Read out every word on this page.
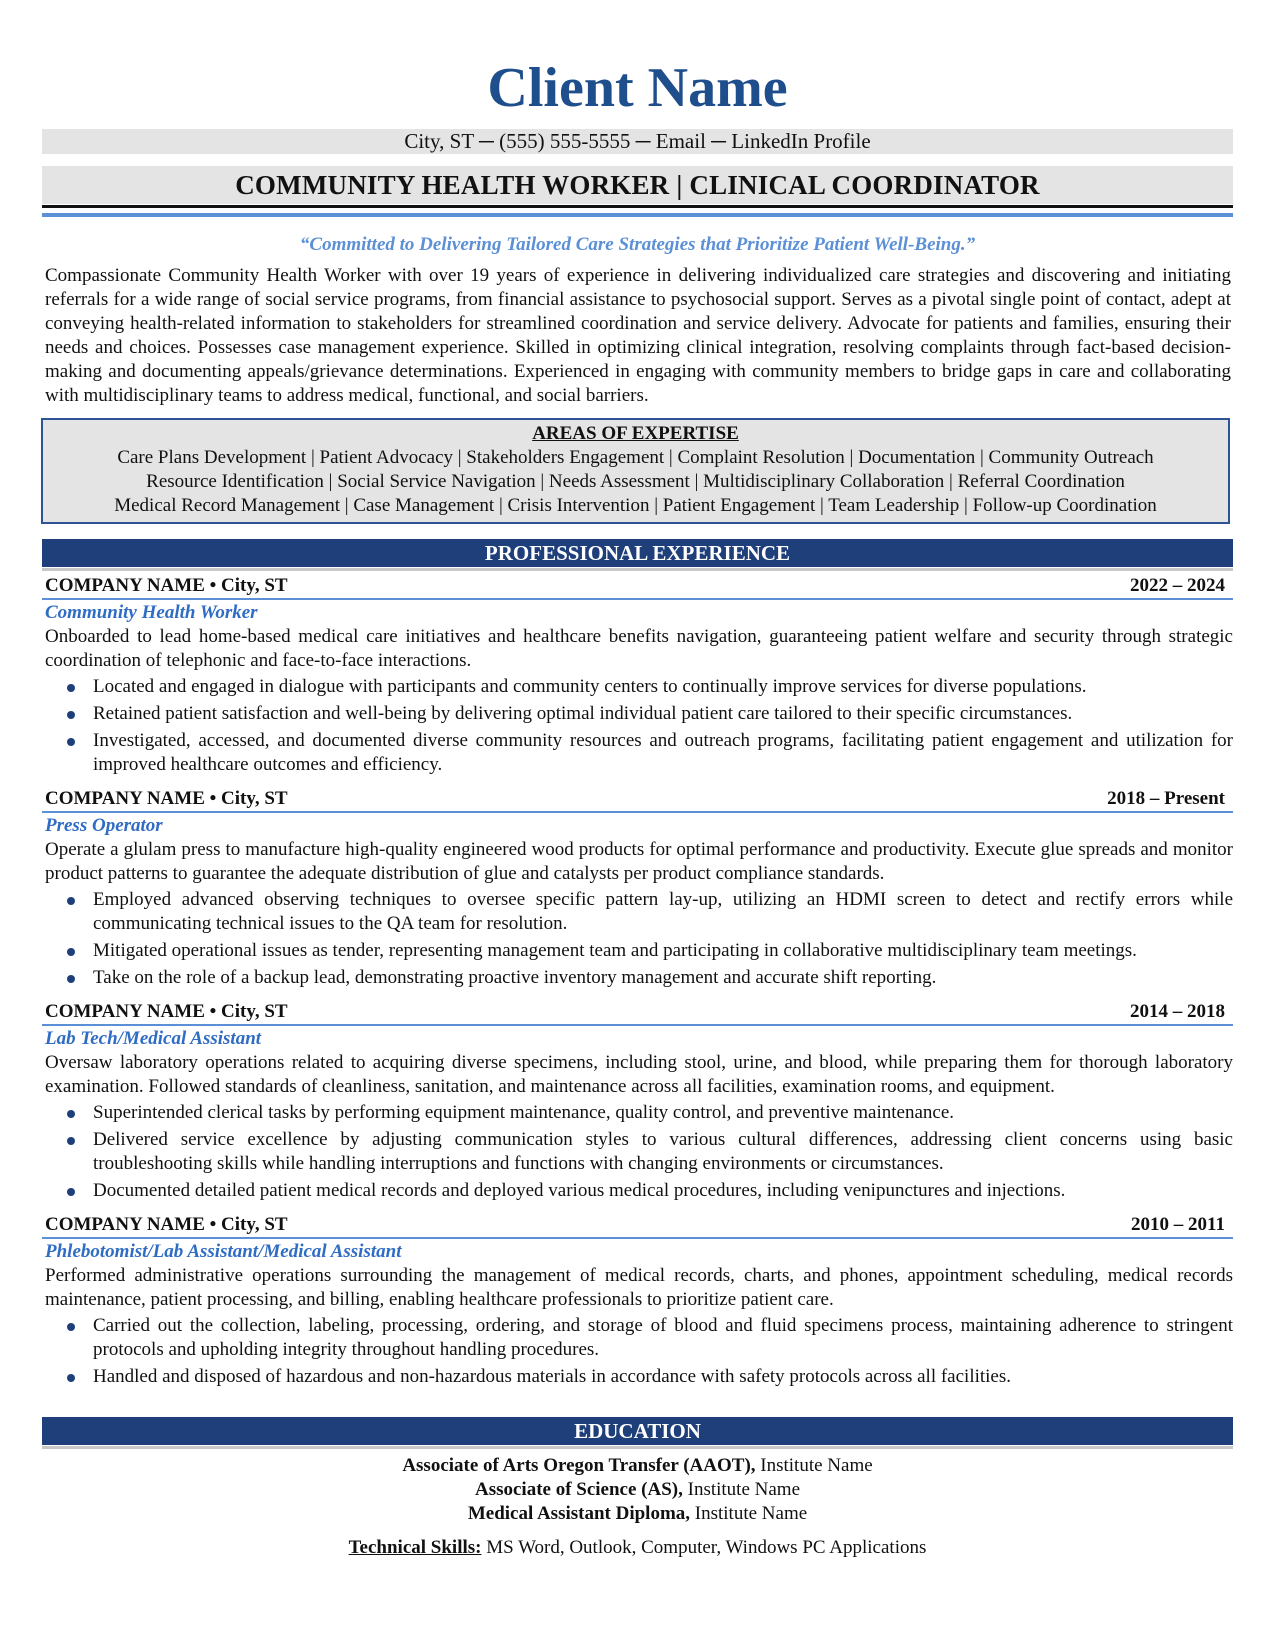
Client Name
City, ST ─ (555) 555-5555 ─ Email ─ LinkedIn Profile
COMMUNITY HEALTH WORKER | CLINICAL COORDINATOR
“Committed to Delivering Tailored Care Strategies that Prioritize Patient Well-Being.”
Compassionate Community Health Worker with over 19 years of experience in delivering individualized care strategies and discovering and initiating referrals for a wide range of social service programs, from financial assistance to psychosocial support. Serves as a pivotal single point of contact, adept at conveying health-related information to stakeholders for streamlined coordination and service delivery. Advocate for patients and families, ensuring their needs and choices. Possesses case management experience. Skilled in optimizing clinical integration, resolving complaints through fact-based decision-making and documenting appeals/grievance determinations. Experienced in engaging with community members to bridge gaps in care and collaborating with multidisciplinary teams to address medical, functional, and social barriers.
AREAS OF EXPERTISE
Care Plans Development | Patient Advocacy | Stakeholders Engagement | Complaint Resolution | Documentation | Community Outreach
Resource Identification | Social Service Navigation | Needs Assessment | Multidisciplinary Collaboration | Referral Coordination
Medical Record Management | Case Management | Crisis Intervention | Patient Engagement | Team Leadership | Follow-up Coordination
PROFESSIONAL EXPERIENCE
COMPANY NAME • City, ST	2022 – 2024
Community Health Worker
Onboarded to lead home-based medical care initiatives and healthcare benefits navigation, guaranteeing patient welfare and security through strategic coordination of telephonic and face-to-face interactions.
Located and engaged in dialogue with participants and community centers to continually improve services for diverse populations.
Retained patient satisfaction and well-being by delivering optimal individual patient care tailored to their specific circumstances.
Investigated, accessed, and documented diverse community resources and outreach programs, facilitating patient engagement and utilization for improved healthcare outcomes and efficiency.
COMPANY NAME • City, ST	2018 – Present
Press Operator
Operate a glulam press to manufacture high-quality engineered wood products for optimal performance and productivity. Execute glue spreads and monitor product patterns to guarantee the adequate distribution of glue and catalysts per product compliance standards.
Employed advanced observing techniques to oversee specific pattern lay-up, utilizing an HDMI screen to detect and rectify errors while communicating technical issues to the QA team for resolution.
Mitigated operational issues as tender, representing management team and participating in collaborative multidisciplinary team meetings.
Take on the role of a backup lead, demonstrating proactive inventory management and accurate shift reporting.
COMPANY NAME • City, ST	2014 – 2018
Lab Tech/Medical Assistant
Oversaw laboratory operations related to acquiring diverse specimens, including stool, urine, and blood, while preparing them for thorough laboratory examination. Followed standards of cleanliness, sanitation, and maintenance across all facilities, examination rooms, and equipment.
Superintended clerical tasks by performing equipment maintenance, quality control, and preventive maintenance.
Delivered service excellence by adjusting communication styles to various cultural differences, addressing client concerns using basic troubleshooting skills while handling interruptions and functions with changing environments or circumstances.
Documented detailed patient medical records and deployed various medical procedures, including venipunctures and injections.
COMPANY NAME • City, ST	2010 – 2011
Phlebotomist/Lab Assistant/Medical Assistant
Performed administrative operations surrounding the management of medical records, charts, and phones, appointment scheduling, medical records maintenance, patient processing, and billing, enabling healthcare professionals to prioritize patient care.
Carried out the collection, labeling, processing, ordering, and storage of blood and fluid specimens process, maintaining adherence to stringent protocols and upholding integrity throughout handling procedures.
Handled and disposed of hazardous and non-hazardous materials in accordance with safety protocols across all facilities.
EDUCATION
Associate of Arts Oregon Transfer (AAOT), Institute Name
Associate of Science (AS), Institute Name
Medical Assistant Diploma, Institute Name
Technical Skills: MS Word, Outlook, Computer, Windows PC Applications
